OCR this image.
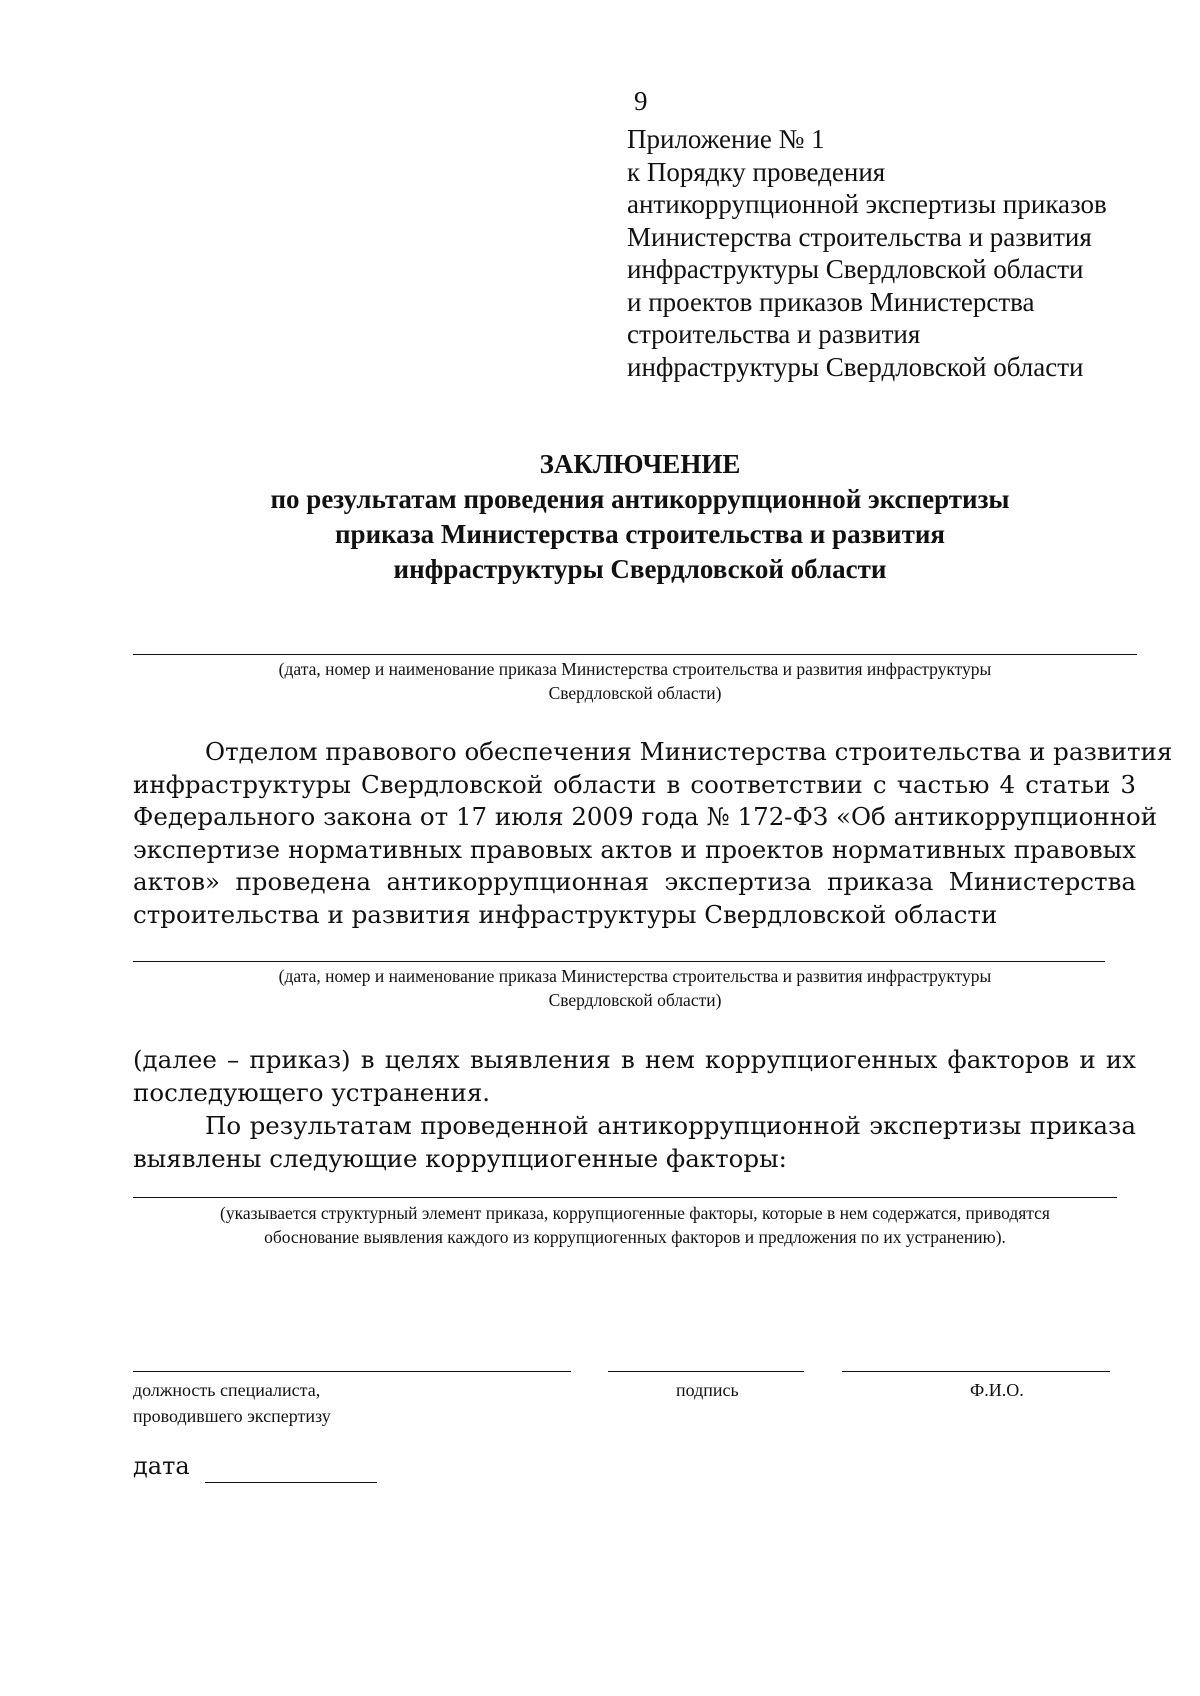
9
Приложение № 1
к Порядку проведения
антикоррупционной экспертизы приказов
Министерства строительства и развития
инфраструктуры Свердловской области
и проектов приказов Министерства
строительства и развития
инфраструктуры Свердловской области
ЗАКЛЮЧЕНИЕ
по результатам проведения антикоррупционной экспертизы
приказа Министерства строительства и развития
инфраструктуры Свердловской области
(дата, номер и наименование приказа Министерства строительства и развития инфраструктуры
Свердловской области)
Отделом правового обеспечения Министерства строительства и развития
инфраструктуры Свердловской области в соответствии с частью 4 статьи 3
Федерального закона от 17 июля 2009 года № 172-ФЗ «Об антикоррупционной
экспертизе нормативных правовых актов и проектов нормативных правовых
актов» проведена антикоррупционная экспертиза приказа Министерства
строительства и развития инфраструктуры Свердловской области
(дата, номер и наименование приказа Министерства строительства и развития инфраструктуры
Свердловской области)
(далее – приказ) в целях выявления в нем коррупциогенных факторов и их
последующего устранения.
По результатам проведенной антикоррупционной экспертизы приказа
выявлены следующие коррупциогенные факторы:
(указывается структурный элемент приказа, коррупциогенные факторы, которые в нем содержатся, приводятся
обоснование выявления каждого из коррупциогенных факторов и предложения по их устранению).
должность специалиста,
проводившего экспертизу
подпись	Ф.И.О.
дата
